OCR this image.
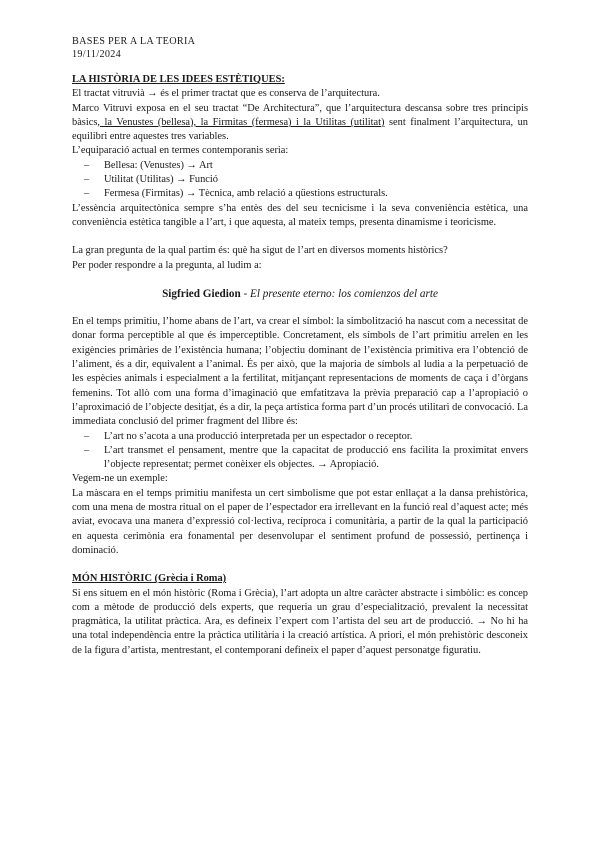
BASES PER A LA TEORIA
19/11/2024

LA HISTÒRIA DE LES IDEES ESTÈTIQUES:

El tractat vitruvià → és el primer tractat que es conserva de l’arquitectura.

Marco Vitruvi exposa en el seu tractat “De Architectura”, que l’arquitectura descansa sobre tres principis bàsics, la Venustes (bellesa), la Firmitas (fermesa) i la Utilitas (utilitat) sent finalment l’arquitectura, un equilibri entre aquestes tres variables.

L’equiparació actual en termes contemporanis seria:

– Bellesa: (Venustes) → Art
– Utilitat (Utilitas) → Funció
– Fermesa (Firmitas) → Tècnica, amb relació a qüestions estructurals.

L’essència arquitectònica sempre s’ha entès des del seu tecnicisme i la seva conveniència estètica, una conveniència estètica tangible a l’art, i que aquesta, al mateix temps, presenta dinamisme i teoricisme.

La gran pregunta de la qual partim és: què ha sigut de l’art en diversos moments històrics?

Per poder respondre a la pregunta, al ludim a:

Sigfried Giedion - El presente eterno: los comienzos del arte

En el temps primitiu, l’home abans de l’art, va crear el símbol: la simbolització ha nascut com a necessitat de donar forma perceptible al que és imperceptible. Concretament, els símbols de l’art primitiu arrelen en les exigències primàries de l’existència humana; l’objectiu dominant de l’existència primitiva era l’obtenció de l’aliment, és a dir, equivalent a l’animal. És per això, que la majoria de símbols al ludia a la perpetuació de les espècies animals i especialment a la fertilitat, mitjançant representacions de moments de caça i d’òrgans femenins. Tot allò com una forma d’imaginació que emfatitzava la prèvia preparació cap a l’apropiació o l’aproximació de l’objecte desitjat, és a dir, la peça artística forma part d’un procés utilitari de convocació. La immediata conclusió del primer fragment del llibre és:

– L’art no s’acota a una producció interpretada per un espectador o receptor.
– L’art transmet el pensament, mentre que la capacitat de producció ens facilita la proximitat envers l’objecte representat; permet conèixer els objectes. → Apropiació.

Vegem-ne un exemple:

La màscara en el temps primitiu manifesta un cert simbolisme que pot estar enllaçat a la dansa prehistòrica, com una mena de mostra ritual on el paper de l’espectador era irrellevant en la funció real d’aquest acte; més aviat, evocava una manera d’expressió col·lectiva, recíproca i comunitària, a partir de la qual la participació en aquesta cerimònia era fonamental per desenvolupar el sentiment profund de possessió, pertinença i dominació.

MÓN HISTÒRIC (Grècia i Roma)

Si ens situem en el món històric (Roma i Grècia), l’art adopta un altre caràcter abstracte i simbòlic: es concep com a mètode de producció dels experts, que requeria un grau d’especialització, prevalent la necessitat pragmàtica, la utilitat pràctica. Ara, es defineix l’expert com l’artista del seu art de producció. → No hi ha una total independència entre la pràctica utilitària i la creació artística. A priori, el món prehistòric desconeix de la figura d’artista, mentrestant, el contemporani defineix el paper d’aquest personatge figuratiu.
